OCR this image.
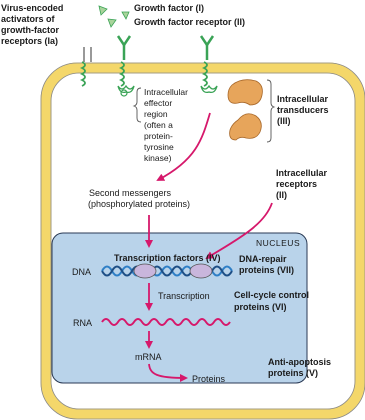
Virus-encoded
activators of
growth-factor
receptors (Ia)
Growth factor (I)
Growth factor receptor (II)
Intracellular
effector
region
(often a
protein-
tyrosine
kinase)
Intracellular
transducers
(III)
Intracellular
receptors
(II)
Second messengers
(phosphorylated proteins)
NUCLEUS
Transcription factors (IV) DNA-repair
proteins (VII)
DNA
Transcription	Cell-cycle control
proteins (VI)
RNA
mRNA
Proteins
Anti-apoptosis
proteins (V)
